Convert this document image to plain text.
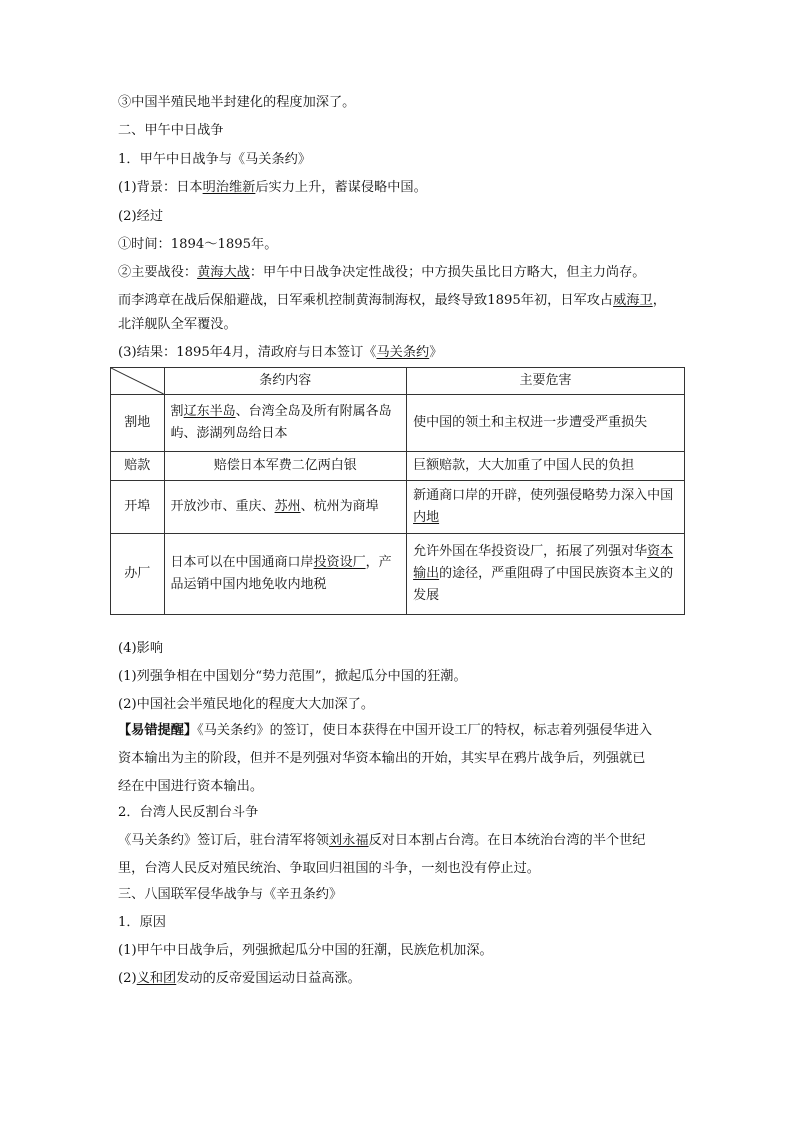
③中国半殖民地半封建化的程度加深了。
二、甲午中日战争
1．甲午中日战争与《马关条约》
(1)背景：日本明治维新后实力上升，蓄谋侵略中国。
(2)经过
①时间：1894～1895年。
②主要战役：黄海大战：甲午中日战争决定性战役；中方损失虽比日方略大，但主力尚存。
而李鸿章在战后保船避战，日军乘机控制黄海制海权，最终导致1895年初，日军攻占威海卫，
北洋舰队全军覆没。
(3)结果：1895年4月，清政府与日本签订《马关条约》
	条约内容	主要危害
割地	割辽东半岛、台湾全岛及所有附属各岛屿、澎湖列岛给日本	使中国的领土和主权进一步遭受严重损失
赔款	赔偿日本军费二亿两白银	巨额赔款，大大加重了中国人民的负担
开埠	开放沙市、重庆、苏州、杭州为商埠	新通商口岸的开辟，使列强侵略势力深入中国内地
办厂	日本可以在中国通商口岸投资设厂，产品运销中国内地免收内地税	允许外国在华投资设厂，拓展了列强对华资本输出的途径，严重阻碍了中国民族资本主义的发展
(4)影响
(1)列强争相在中国划分“势力范围”，掀起瓜分中国的狂潮。
(2)中国社会半殖民地化的程度大大加深了。
【易错提醒】《马关条约》的签订，使日本获得在中国开设工厂的特权，标志着列强侵华进入
资本输出为主的阶段，但并不是列强对华资本输出的开始，其实早在鸦片战争后，列强就已
经在中国进行资本输出。
2．台湾人民反割台斗争
《马关条约》签订后，驻台清军将领刘永福反对日本割占台湾。在日本统治台湾的半个世纪
里，台湾人民反对殖民统治、争取回归祖国的斗争，一刻也没有停止过。
三、八国联军侵华战争与《辛丑条约》
1．原因
(1)甲午中日战争后，列强掀起瓜分中国的狂潮，民族危机加深。
(2)义和团发动的反帝爱国运动日益高涨。
